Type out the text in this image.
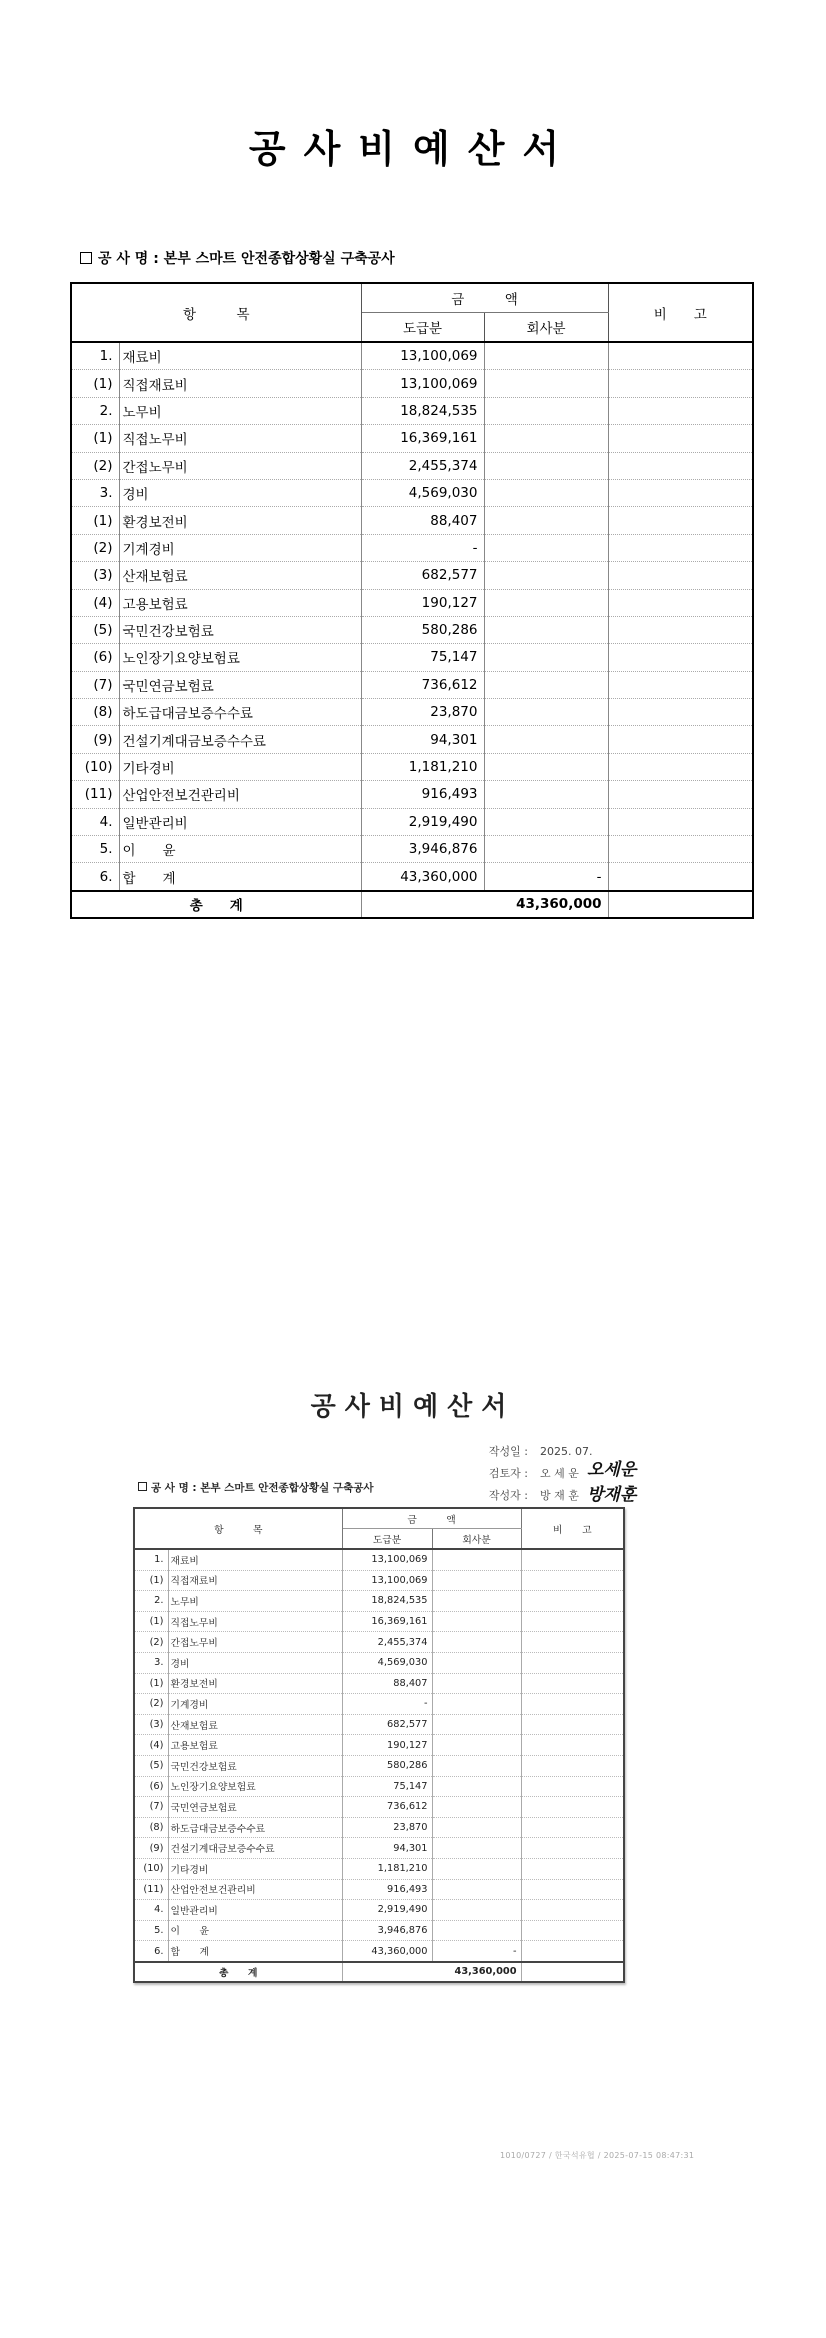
공사비예산서
공 사 명 : 본부 스마트 안전종합상황실 구축공사
항　　　목		금　　　액		비　　고
		도급분	회사분	
1.	재료비	13,100,069		
(1)	직접재료비	13,100,069		
2.	노무비	18,824,535		
(1)	직접노무비	16,369,161		
(2)	간접노무비	2,455,374		
3.	경비	4,569,030		
(1)	환경보전비	88,407		
(2)	기계경비	-		
(3)	산재보험료	682,577		
(4)	고용보험료	190,127		
(5)	국민건강보험료	580,286		
(6)	노인장기요양보험료	75,147		
(7)	국민연금보험료	736,612		
(8)	하도급대금보증수수료	23,870		
(9)	건설기계대금보증수수료	94,301		
(10)	기타경비	1,181,210		
(11)	산업안전보건관리비	916,493		
4.	일반관리비	2,919,490		
5.	이　　윤	3,946,876		
6.	합　　계	43,360,000	-	
총　　계		43,360,000		
공사비예산서
작성일 : 2025. 07.
검토자 : 오 세 운
작성자 : 방 재 훈
오세운
방재훈
공 사 명 : 본부 스마트 안전종합상황실 구축공사
항　　　목		금　　　액		비　　고
		도급분	회사분	
1.	재료비	13,100,069		
(1)	직접재료비	13,100,069		
2.	노무비	18,824,535		
(1)	직접노무비	16,369,161		
(2)	간접노무비	2,455,374		
3.	경비	4,569,030		
(1)	환경보전비	88,407		
(2)	기계경비	-		
(3)	산재보험료	682,577		
(4)	고용보험료	190,127		
(5)	국민건강보험료	580,286		
(6)	노인장기요양보험료	75,147		
(7)	국민연금보험료	736,612		
(8)	하도급대금보증수수료	23,870		
(9)	건설기계대금보증수수료	94,301		
(10)	기타경비	1,181,210		
(11)	산업안전보건관리비	916,493		
4.	일반관리비	2,919,490		
5.	이　　윤	3,946,876		
6.	합　　계	43,360,000	-	
총　　계		43,360,000		
1010/0727 / 한국석유협 / 2025-07-15 08:47:31
